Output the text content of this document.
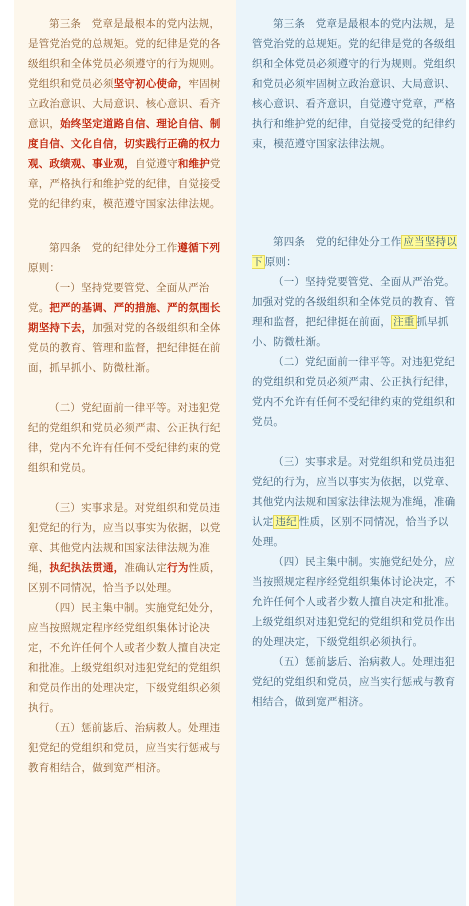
第三条　党章是最根本的党内法规，是管党治党的总规矩。党的纪律是党的各级组织和全体党员必须遵守的行为规则。党组织和党员必须坚守初心使命，牢固树立政治意识、大局意识、核心意识、看齐意识，始终坚定道路自信、理论自信、制度自信、文化自信，切实践行正确的权力观、政绩观、事业观，自觉遵守和维护党章，严格执行和维护党的纪律，自觉接受党的纪律约束，模范遵守国家法律法规。

第四条　党的纪律处分工作遵循下列原则：

（一）坚持党要管党、全面从严治党。把严的基调、严的措施、严的氛围长期坚持下去，加强对党的各级组织和全体党员的教育、管理和监督，把纪律挺在前面，抓早抓小、防微杜渐。

（二）党纪面前一律平等。对违犯党纪的党组织和党员必须严肃、公正执行纪律，党内不允许有任何不受纪律约束的党组织和党员。

（三）实事求是。对党组织和党员违犯党纪的行为，应当以事实为依据，以党章、其他党内法规和国家法律法规为准绳，执纪执法贯通，准确认定行为性质，区别不同情况，恰当予以处理。

（四）民主集中制。实施党纪处分，应当按照规定程序经党组织集体讨论决定，不允许任何个人或者少数人擅自决定和批准。上级党组织对违犯党纪的党组织和党员作出的处理决定，下级党组织必须执行。

（五）惩前毖后、治病救人。处理违犯党纪的党组织和党员，应当实行惩戒与教育相结合，做到宽严相济。

第三条　党章是最根本的党内法规，是管党治党的总规矩。党的纪律是党的各级组织和全体党员必须遵守的行为规则。党组织和党员必须牢固树立政治意识、大局意识、核心意识、看齐意识，自觉遵守党章，严格执行和维护党的纪律，自觉接受党的纪律约束，模范遵守国家法律法规。

第四条　党的纪律处分工作 应当坚持以下 原则：

（一）坚持党要管党、全面从严治党。加强对党的各级组织和全体党员的教育、管理和监督，把纪律挺在前面， 注重 抓早抓小、防微杜渐。

（二）党纪面前一律平等。对违犯党纪的党组织和党员必须严肃、公正执行纪律，党内不允许有任何不受纪律约束的党组织和党员。

（三）实事求是。对党组织和党员违犯党纪的行为，应当以事实为依据，以党章、其他党内法规和国家法律法规为准绳，准确认定 违纪 性质，区别不同情况，恰当予以处理。

（四）民主集中制。实施党纪处分，应当按照规定程序经党组织集体讨论决定，不允许任何个人或者少数人擅自决定和批准。上级党组织对违犯党纪的党组织和党员作出的处理决定，下级党组织必须执行。

（五）惩前毖后、治病救人。处理违犯党纪的党组织和党员，应当实行惩戒与教育相结合，做到宽严相济。
